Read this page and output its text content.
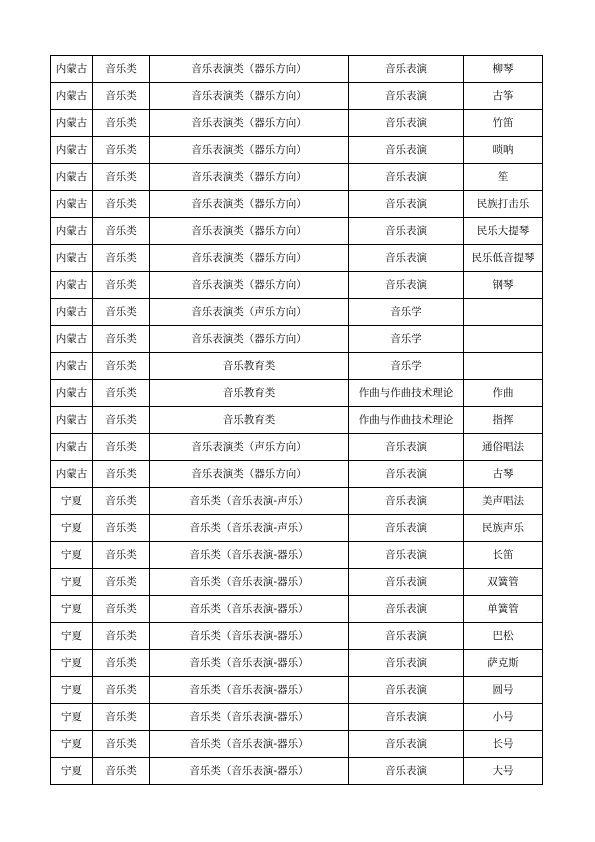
内蒙古	音乐类	音乐表演类（器乐方向）	音乐表演	柳琴
内蒙古	音乐类	音乐表演类（器乐方向）	音乐表演	古筝
内蒙古	音乐类	音乐表演类（器乐方向）	音乐表演	竹笛
内蒙古	音乐类	音乐表演类（器乐方向）	音乐表演	唢呐
内蒙古	音乐类	音乐表演类（器乐方向）	音乐表演	笙
内蒙古	音乐类	音乐表演类（器乐方向）	音乐表演	民族打击乐
内蒙古	音乐类	音乐表演类（器乐方向）	音乐表演	民乐大提琴
内蒙古	音乐类	音乐表演类（器乐方向）	音乐表演	民乐低音提琴
内蒙古	音乐类	音乐表演类（器乐方向）	音乐表演	钢琴
内蒙古	音乐类	音乐表演类（声乐方向）	音乐学	
内蒙古	音乐类	音乐表演类（器乐方向）	音乐学	
内蒙古	音乐类	音乐教育类	音乐学	
内蒙古	音乐类	音乐教育类	作曲与作曲技术理论	作曲
内蒙古	音乐类	音乐教育类	作曲与作曲技术理论	指挥
内蒙古	音乐类	音乐表演类（声乐方向）	音乐表演	通俗唱法
内蒙古	音乐类	音乐表演类（器乐方向）	音乐表演	古琴
宁夏	音乐类	音乐类（音乐表演-声乐）	音乐表演	美声唱法
宁夏	音乐类	音乐类（音乐表演-声乐）	音乐表演	民族声乐
宁夏	音乐类	音乐类（音乐表演-器乐）	音乐表演	长笛
宁夏	音乐类	音乐类（音乐表演-器乐）	音乐表演	双簧管
宁夏	音乐类	音乐类（音乐表演-器乐）	音乐表演	单簧管
宁夏	音乐类	音乐类（音乐表演-器乐）	音乐表演	巴松
宁夏	音乐类	音乐类（音乐表演-器乐）	音乐表演	萨克斯
宁夏	音乐类	音乐类（音乐表演-器乐）	音乐表演	圆号
宁夏	音乐类	音乐类（音乐表演-器乐）	音乐表演	小号
宁夏	音乐类	音乐类（音乐表演-器乐）	音乐表演	长号
宁夏	音乐类	音乐类（音乐表演-器乐）	音乐表演	大号
